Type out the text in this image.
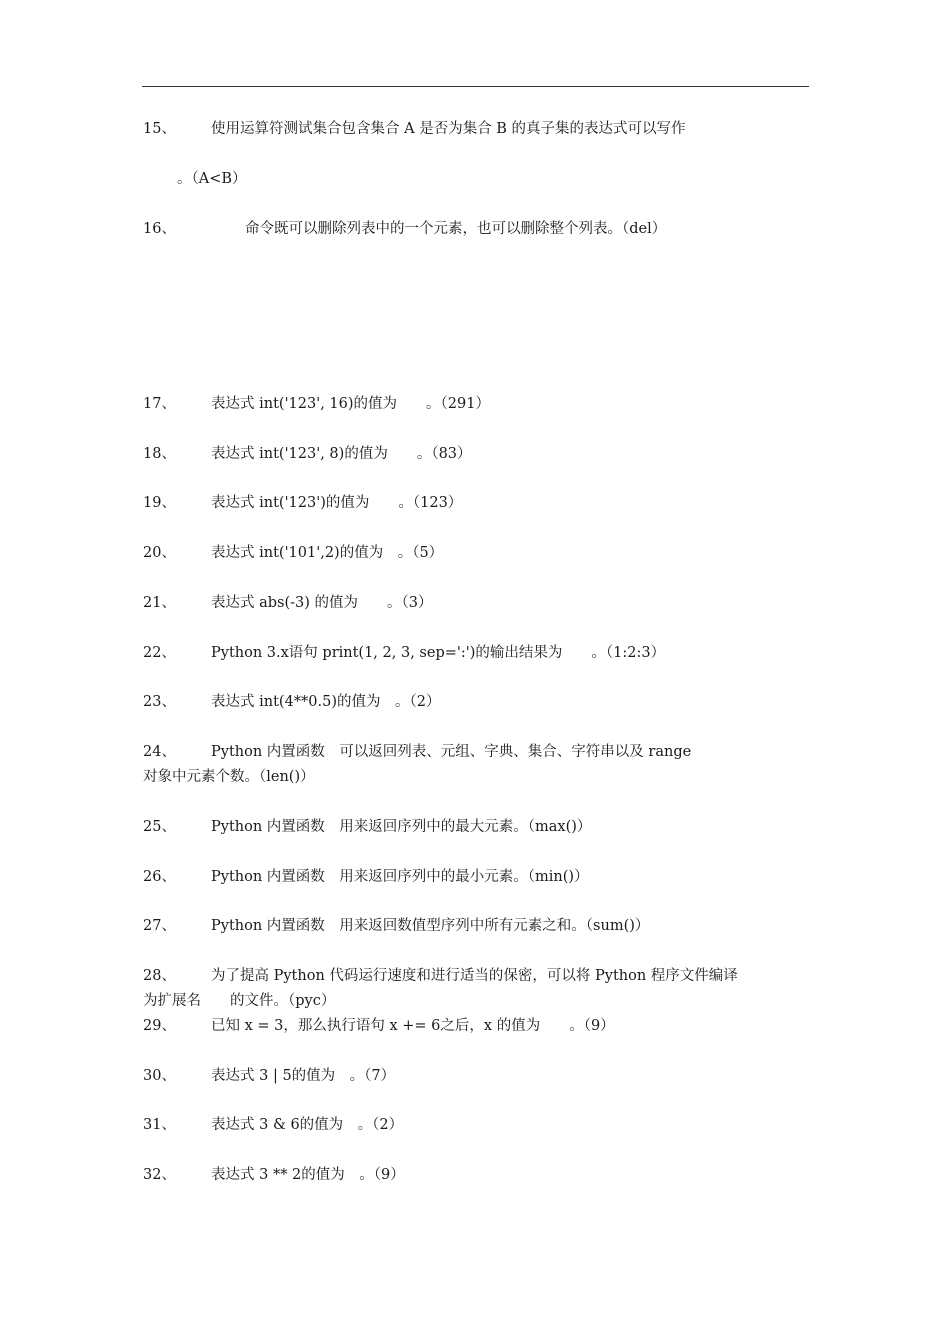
15、 使用运算符测试集合包含集合 A 是否为集合 B 的真子集的表达式可以写作
。（A<B）
16、	命令既可以删除列表中的一个元素，也可以删除整个列表。（del）
17、 表达式 int('123', 16)的值为　　。（291）
18、 表达式 int('123', 8)的值为　　。（83）
19、 表达式 int('123')的值为　　。（123）
20、 表达式 int('101',2)的值为　。（5）
21、 表达式 abs(-3) 的值为　　。（3）
22、 Python 3.x语句 print(1, 2, 3, sep=':')的输出结果为　　。（1:2:3）
23、 表达式 int(4**0.5)的值为　。（2）
24、 Python 内置函数　可以返回列表、元组、字典、集合、字符串以及 range
对象中元素个数。（len()）
25、 Python 内置函数　用来返回序列中的最大元素。（max()）
26、 Python 内置函数　用来返回序列中的最小元素。（min()）
27、 Python 内置函数　用来返回数值型序列中所有元素之和。（sum()）
28、 为了提高 Python 代码运行速度和进行适当的保密，可以将 Python 程序文件编译
为扩展名　　的文件。（pyc）
29、 已知 x = 3，那么执行语句 x += 6之后，x 的值为　　。（9）
30、 表达式 3 | 5的值为　。（7）
31、 表达式 3 & 6的值为　。（2）
32、 表达式 3 ** 2的值为　。（9）
